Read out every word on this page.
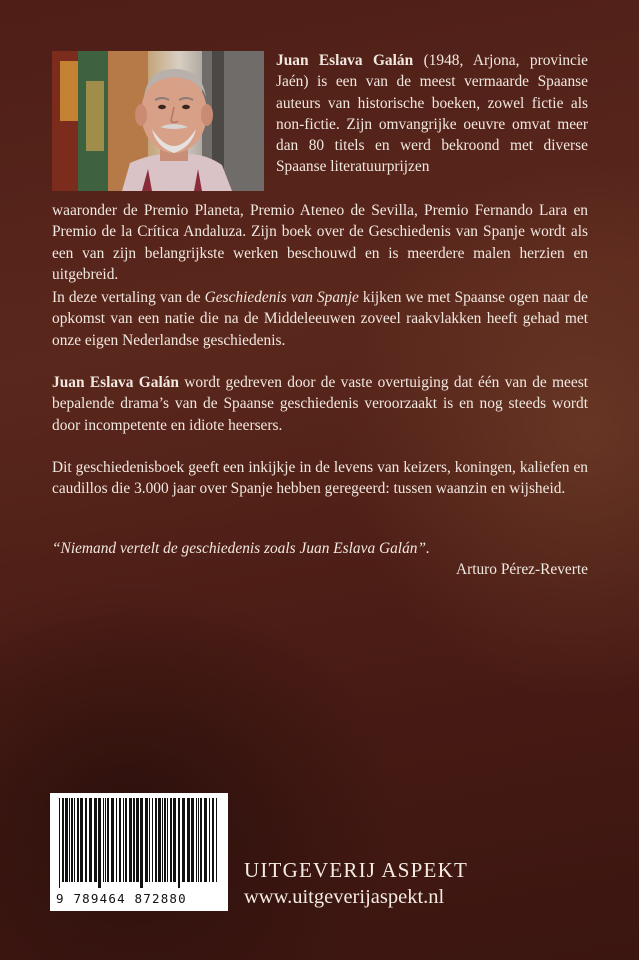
Juan Eslava Galán (1948, Arjona, provincie Jaén) is een van de meest vermaarde Spaanse auteurs van historische boeken, zowel fictie als non-fictie. Zijn omvangrijke oeuvre omvat meer dan 80 titels en werd bekroond met diverse Spaanse literatuurprijzen
waaronder de Premio Planeta, Premio Ateneo de Sevilla, Premio Fernando Lara en Premio de la Crítica Andaluza. Zijn boek over de Geschiedenis van Spanje wordt als een van zijn belangrijkste werken beschouwd en is meerdere malen herzien en uitgebreid.

In deze vertaling van de Geschiedenis van Spanje kijken we met Spaanse ogen naar de opkomst van een natie die na de Middeleeuwen zoveel raakvlakken heeft gehad met onze eigen Nederlandse geschiedenis.

Juan Eslava Galán wordt gedreven door de vaste overtuiging dat één van de meest bepalende drama’s van de Spaanse geschiedenis veroorzaakt is en nog steeds wordt door incompetente en idiote heersers.

Dit geschiedenisboek geeft een inkijkje in de levens van keizers, koningen, kaliefen en caudillos die 3.000 jaar over Spanje hebben geregeerd: tussen waanzin en wijsheid.

“Niemand vertelt de geschiedenis zoals Juan Eslava Galán”.
Arturo Pérez-Reverte
9 789464 872880
UITGEVERIJ ASPEKT
www.uitgeverijaspekt.nl
